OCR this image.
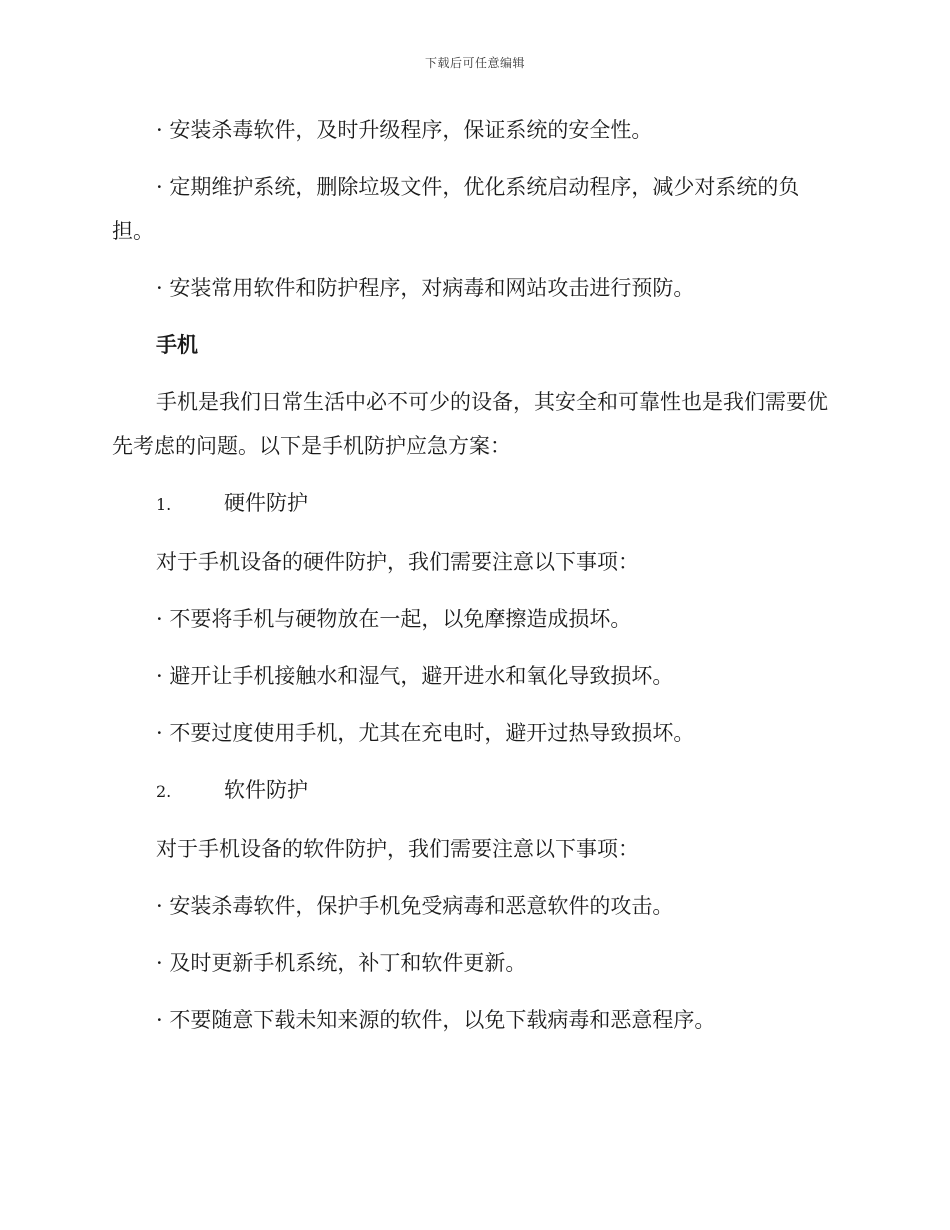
下载后可任意编辑

· 安装杀毒软件，及时升级程序，保证系统的安全性。

· 定期维护系统，删除垃圾文件，优化系统启动程序，减少对系统的负担。

· 安装常用软件和防护程序，对病毒和网站攻击进行预防。

手机

手机是我们日常生活中必不可少的设备，其安全和可靠性也是我们需要优先考虑的问题。以下是手机防护应急方案：

1.	硬件防护

对于手机设备的硬件防护，我们需要注意以下事项：

· 不要将手机与硬物放在一起，以免摩擦造成损坏。

· 避开让手机接触水和湿气，避开进水和氧化导致损坏。

· 不要过度使用手机，尤其在充电时，避开过热导致损坏。

2.	软件防护

对于手机设备的软件防护，我们需要注意以下事项：

· 安装杀毒软件，保护手机免受病毒和恶意软件的攻击。

· 及时更新手机系统，补丁和软件更新。

· 不要随意下载未知来源的软件，以免下载病毒和恶意程序。
